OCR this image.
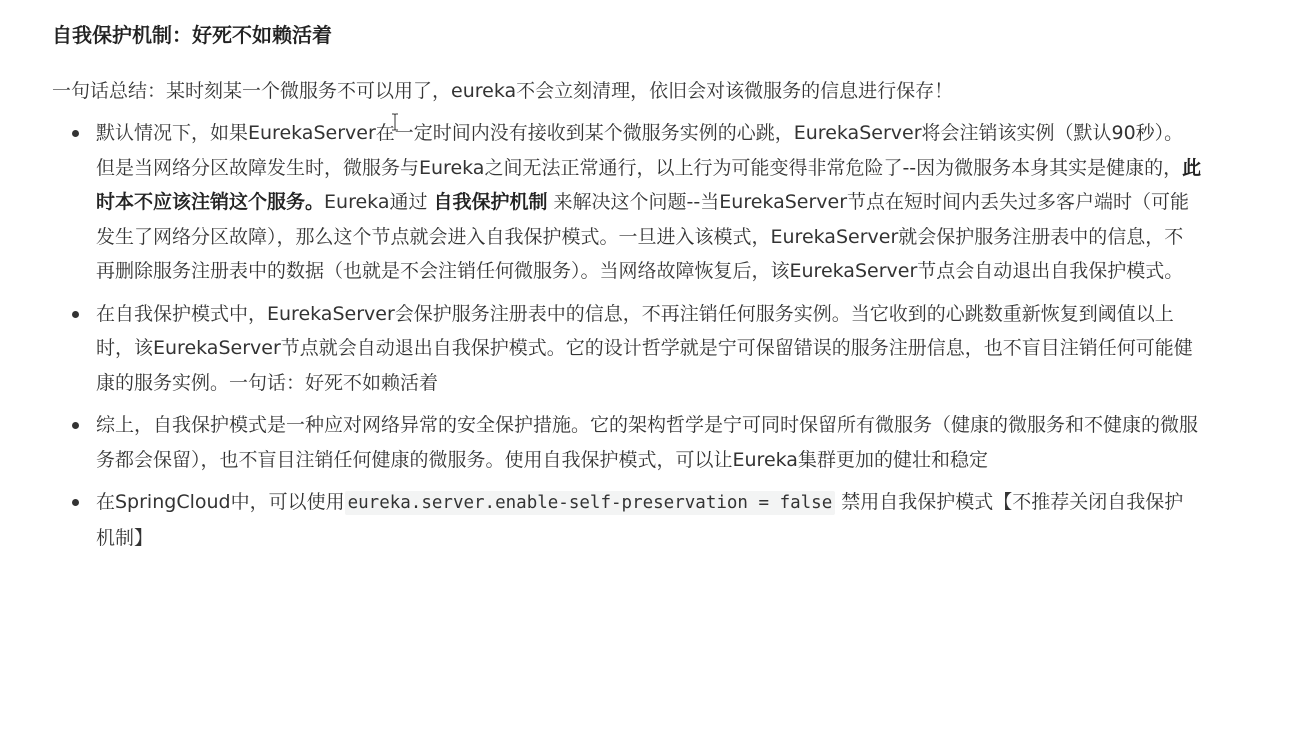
自我保护机制：好死不如赖活着
一句话总结：某时刻某一个微服务不可以用了，eureka不会立刻清理，依旧会对该微服务的信息进行保存！
默认情况下，如果EurekaServer在一定时间内没有接收到某个微服务实例的心跳，EurekaServer将会注销该实例（默认90秒）。但是当网络分区故障发生时，微服务与Eureka之间无法正常通行，以上行为可能变得非常危险了--因为微服务本身其实是健康的，此时本不应该注销这个服务。Eureka通过 自我保护机制 来解决这个问题--当EurekaServer节点在短时间内丢失过多客户端时（可能发生了网络分区故障），那么这个节点就会进入自我保护模式。一旦进入该模式，EurekaServer就会保护服务注册表中的信息，不再删除服务注册表中的数据（也就是不会注销任何微服务）。当网络故障恢复后，该EurekaServer节点会自动退出自我保护模式。
在自我保护模式中，EurekaServer会保护服务注册表中的信息，不再注销任何服务实例。当它收到的心跳数重新恢复到阈值以上时，该EurekaServer节点就会自动退出自我保护模式。它的设计哲学就是宁可保留错误的服务注册信息，也不盲目注销任何可能健康的服务实例。一句话：好死不如赖活着
综上，自我保护模式是一种应对网络异常的安全保护措施。它的架构哲学是宁可同时保留所有微服务（健康的微服务和不健康的微服务都会保留），也不盲目注销任何健康的微服务。使用自我保护模式，可以让Eureka集群更加的健壮和稳定
在SpringCloud中，可以使用 eureka.server.enable-self-preservation = false 禁用自我保护模式【不推荐关闭自我保护机制】
